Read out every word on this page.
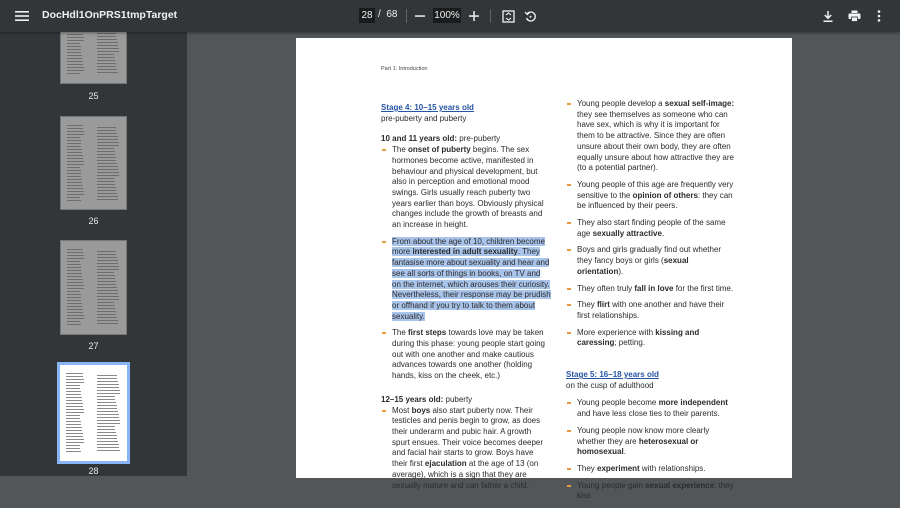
DocHdl1OnPRS1tmpTarget	28 / 68	100%
25
26
27
28
Part 1: Introduction
Stage 4: 10–15 years old
pre-puberty and puberty
10 and 11 years old: pre-puberty
The onset of puberty begins. The sex hormones become active, manifested in behaviour and physical development, but also in perception and emotional mood swings. Girls usually reach puberty two years earlier than boys. Obviously physical changes include the growth of breasts and an increase in height.
From about the age of 10, children become more interested in adult sexuality. They fantasise more about sexuality and hear and see all sorts of things in books, on TV and on the internet, which arouses their curiosity. Nevertheless, their response may be prudish or offhand if you try to talk to them about sexuality.
The first steps towards love may be taken during this phase: young people start going out with one another and make cautious advances towards one another (holding hands, kiss on the cheek, etc.)
12–15 years old: puberty
Most boys also start puberty now. Their testicles and penis begin to grow, as does their underarm and pubic hair. A growth spurt ensues. Their voice becomes deeper and facial hair starts to grow. Boys have their first ejaculation at the age of 13 (on average), which is a sign that they are sexually mature and can father a child.
Young people develop a sexual self-image: they see themselves as someone who can have sex, which is why it is important for them to be attractive. Since they are often unsure about their own body, they are often equally unsure about how attractive they are (to a potential partner).
Young people of this age are frequently very sensitive to the opinion of others: they can be influenced by their peers.
They also start finding people of the same age sexually attractive.
Boys and girls gradually find out whether they fancy boys or girls (sexual orientation).
They often truly fall in love for the first time.
They flirt with one another and have their first relationships.
More experience with kissing and caressing; petting.
Stage 5: 16–18 years old
on the cusp of adulthood
Young people become more independent and have less close ties to their parents.
Young people now know more clearly whether they are heterosexual or homosexual.
They experiment with relationships.
Young people gain sexual experience: they kiss
